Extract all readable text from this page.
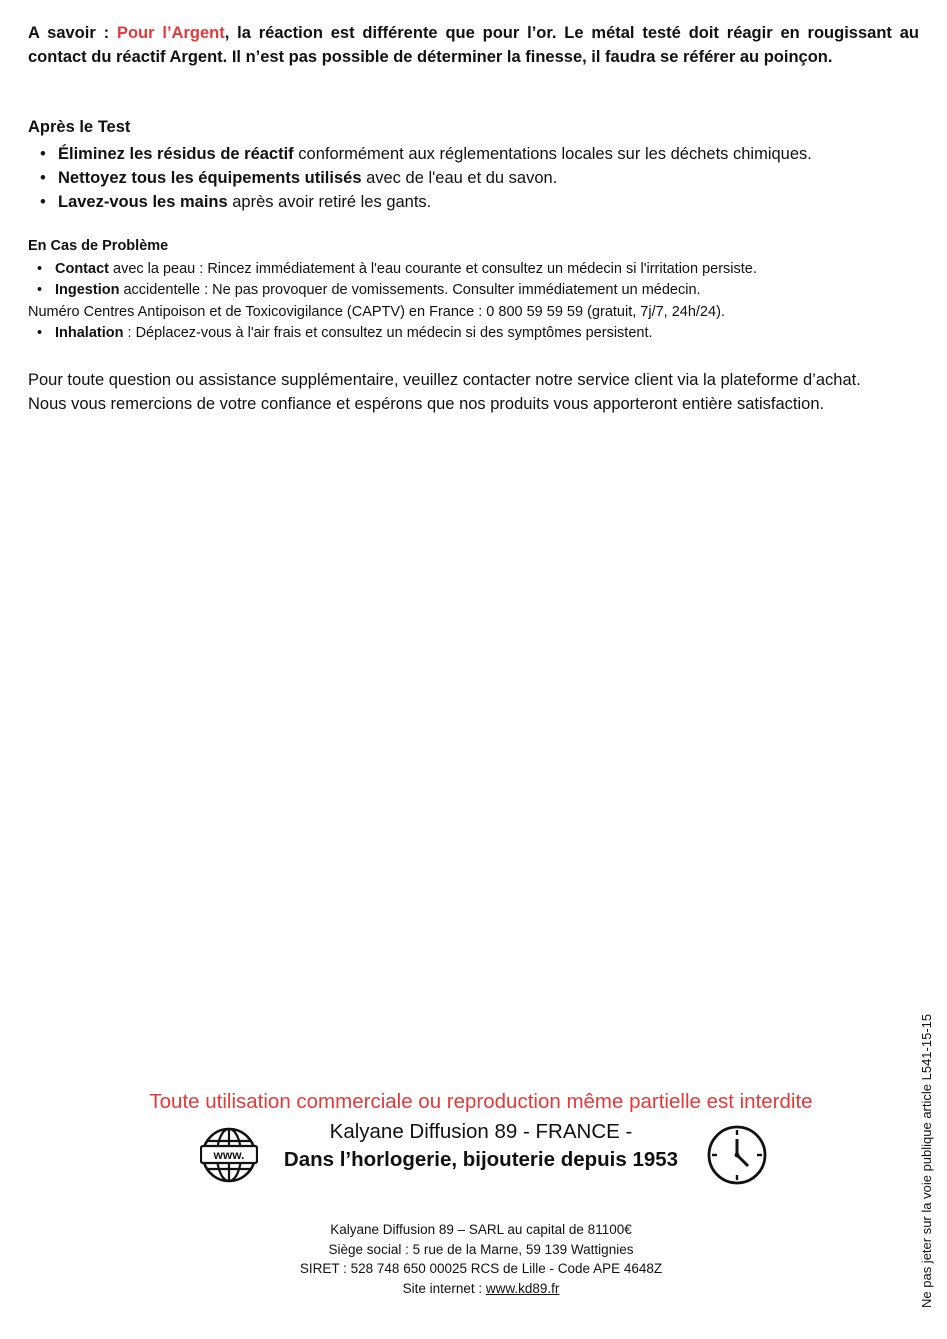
A savoir : Pour l’Argent, la réaction est différente que pour l’or. Le métal testé doit réagir en rougissant au contact du réactif Argent. Il n’est pas possible de déterminer la finesse, il faudra se référer au poinçon.
Après le Test
• Éliminez les résidus de réactif conformément aux réglementations locales sur les déchets chimiques.
• Nettoyez tous les équipements utilisés avec de l'eau et du savon.
• Lavez-vous les mains après avoir retiré les gants.
En Cas de Problème
• Contact avec la peau : Rincez immédiatement à l'eau courante et consultez un médecin si l'irritation persiste.
• Ingestion accidentelle : Ne pas provoquer de vomissements. Consulter immédiatement un médecin.
Numéro Centres Antipoison et de Toxicovigilance (CAPTV) en France : 0 800 59 59 59 (gratuit, 7j/7, 24h/24).
• Inhalation : Déplacez-vous à l'air frais et consultez un médecin si des symptômes persistent.

Pour toute question ou assistance supplémentaire, veuillez contacter notre service client via la plateforme d’achat.

Nous vous remercions de votre confiance et espérons que nos produits vous apporteront entière satisfaction.

Toute utilisation commerciale ou reproduction même partielle est interdite
Kalyane Diffusion 89 - FRANCE -
Dans l’horlogerie, bijouterie depuis 1953
www.
Kalyane Diffusion 89 – SARL au capital de 81100€
Siège social : 5 rue de la Marne, 59 139 Wattignies
SIRET : 528 748 650 00025 RCS de Lille - Code APE 4648Z
Site internet : www.kd89.fr	Ne pas jeter sur la voie publique article L541-15-15
